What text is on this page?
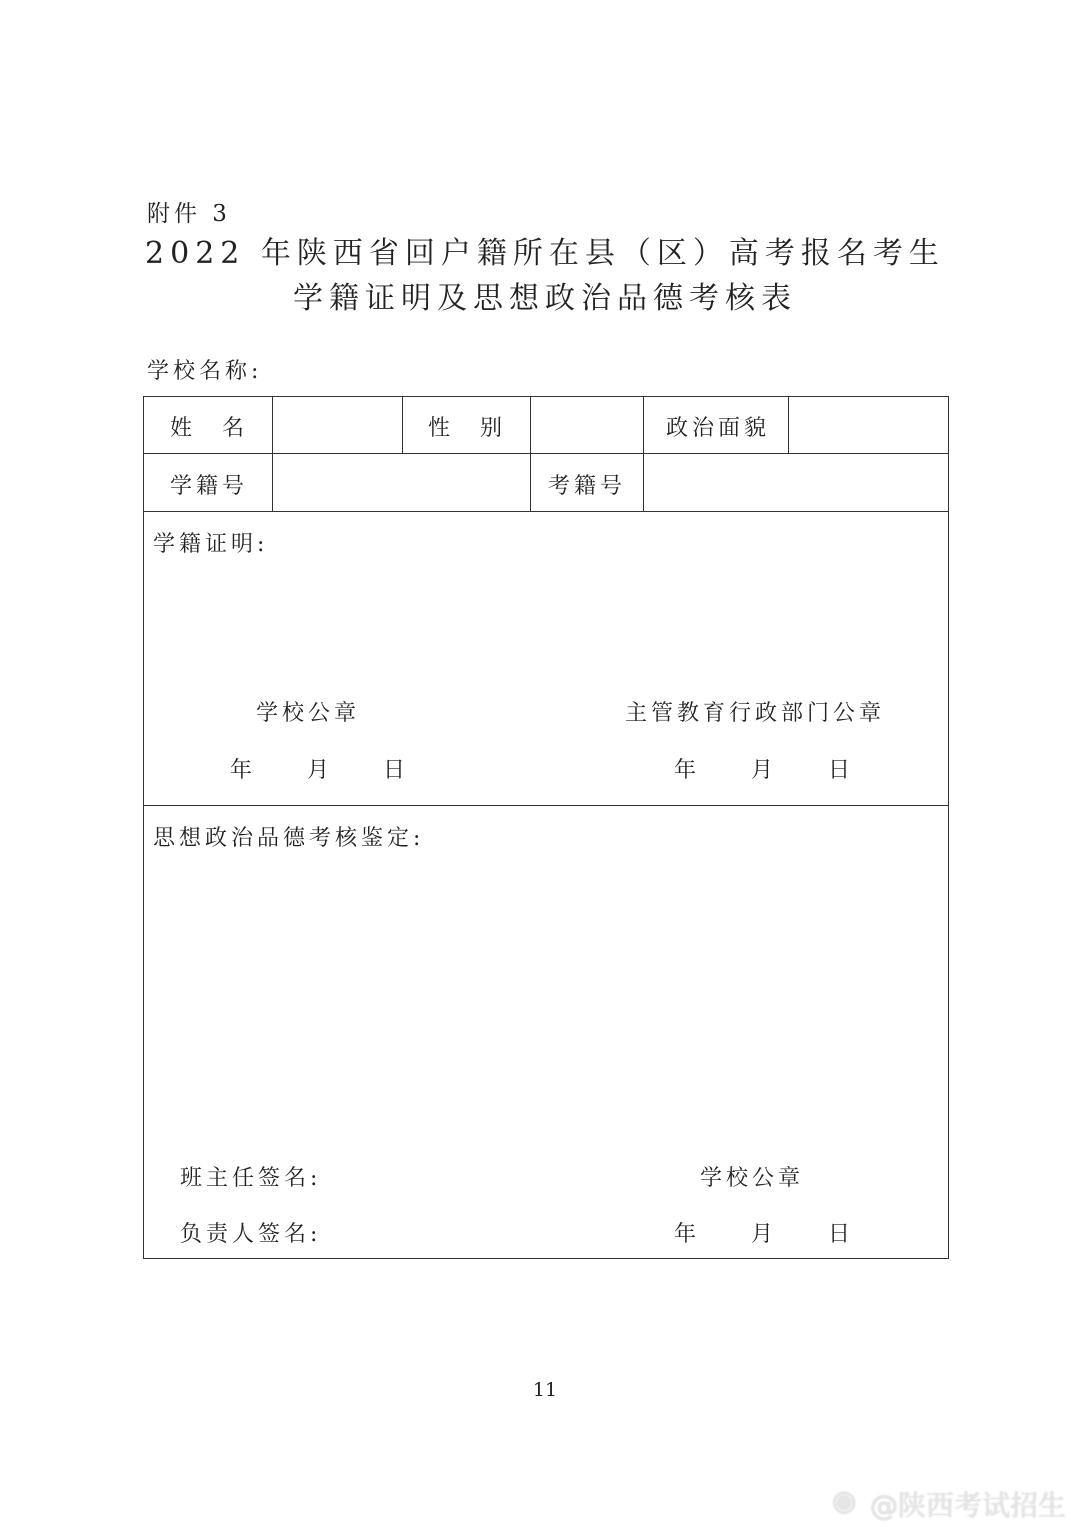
附件 3
2022 年陕西省回户籍所在县（区）高考报名考生
学籍证明及思想政治品德考核表
学校名称:
姓　名	性　别	政治面貌
学籍号	考籍号
学籍证明:
学校公章	主管教育行政部门公章
年 月 日	年 月 日
思想政治品德考核鉴定:
班主任签名:	学校公章
负责人签名:	年 月 日
11
◉ @陕西考试招生
